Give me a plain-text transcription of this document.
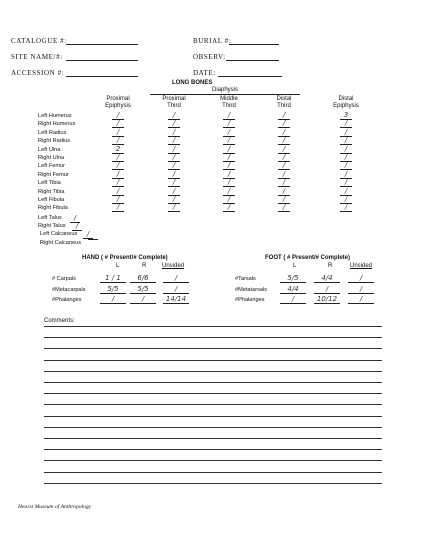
CATALOGUE #:	BURIAL #:
SITE NAME/#:	OBSERV:
ACCESSION #:	DATE:
LONG BONES
Diaphysis
Proximal
Epiphysis
Proximal
Third
Middle
Third
Distal
Third
Distal
Epiphysis
Left Humerus	/	/	/	/	3
Right Humerus	/	/	/	/	/
Left Radius	/	/	/	/	/
Right Radius	/	/	/	/	/
Left Ulna	2	/	/	/	/
Right Ulna	/	/	/	/	/
Left Femur	/	/	/	/	/
Right Femur	/	/	/	/	/
Left Tibia	/	/	/	/	/
Right Tibia	/	/	/	/	/
Left Fibula	/	/	/	/	/
Right Fibula	/	/	/	/	/
Left Talus	/
Right Talus	/
Left Calcaneus	/
Right Calcaneus
HAND ( # Present/# Complete)
L	R	Unsided
# Carpals	1 / 1	6/6	/
#Metacarpals	5/5	5/5	/
#Phalanges	/	/	14/14
FOOT ( # Present/# Complete)
L	R	Unsided
#Tarsals	5/5	4/4	/
#Metatarsals	4/4	/	/
#Phalanges	/	10/12	/
Comments:
Hearst Museum of Anthropology
